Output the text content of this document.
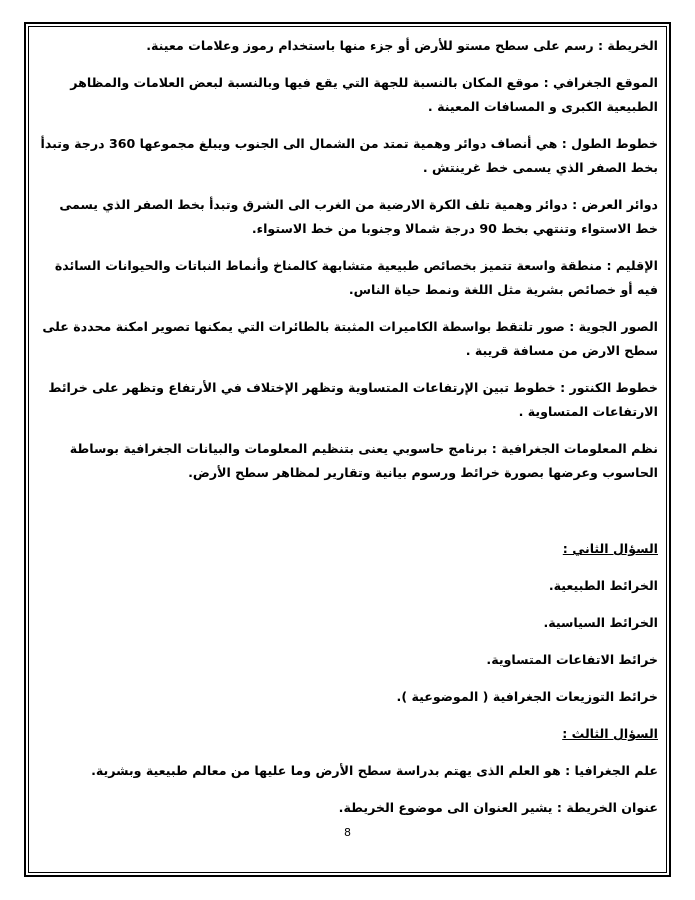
الخريطة : رسم على سطح مستو للأرض أو جزء منها باستخدام رموز وعلامات معينة.

الموقع الجغرافي : موقع المكان بالنسبة للجهة التي يقع فيها وبالنسبة لبعض العلامات والمظاهر الطبيعية الكبرى و المسافات المعينة .

خطوط الطول : هي أنصاف دوائر وهمية تمتد من الشمال الى الجنوب ويبلغ مجموعها 360 درجة وتبدأ بخط الصفر الذي يسمى خط غرينتش .

دوائر العرض : دوائر وهمية تلف الكرة الارضية من الغرب الى الشرق وتبدأ بخط الصفر الذي يسمى خط الاستواء وتنتهي بخط 90 درجة شمالا وجنوبا من خط الاستواء.

الإقليم : منطقة واسعة تتميز بخصائص طبيعية متشابهة كالمناخ وأنماط النباتات والحيوانات السائدة فيه أو خصائص بشرية مثل اللغة ونمط حياة الناس.

الصور الجوية : صور تلتقط بواسطة الكاميرات المثبتة بالطائرات التي يمكنها تصوير امكنة محددة على سطح الارض من مسافة قريبة .

خطوط الكنتور : خطوط تبين الإرتفاعات المتساوية وتظهر الإختلاف في الأرتفاع وتظهر على خرائط الارتفاعات المتساوية .

نظم المعلومات الجغرافية : برنامج حاسوبي يعنى بتنظيم المعلومات والبيانات الجغرافية بوساطة الحاسوب وعرضها بصورة خرائط ورسوم بيانية وتقارير لمظاهر سطح الأرض.

السؤال الثاني :

الخرائط الطبيعية.

الخرائط السياسية.

خرائط الاتفاعات المتساوية.

خرائط التوزيعات الجغرافية ( الموضوعية ).

السؤال الثالث :

علم الجغرافيا : هو العلم الذى يهتم بدراسة سطح الأرض وما عليها من معالم طبيعية وبشرية.

عنوان الخريطة : يشير العنوان الى موضوع الخريطة.

8
